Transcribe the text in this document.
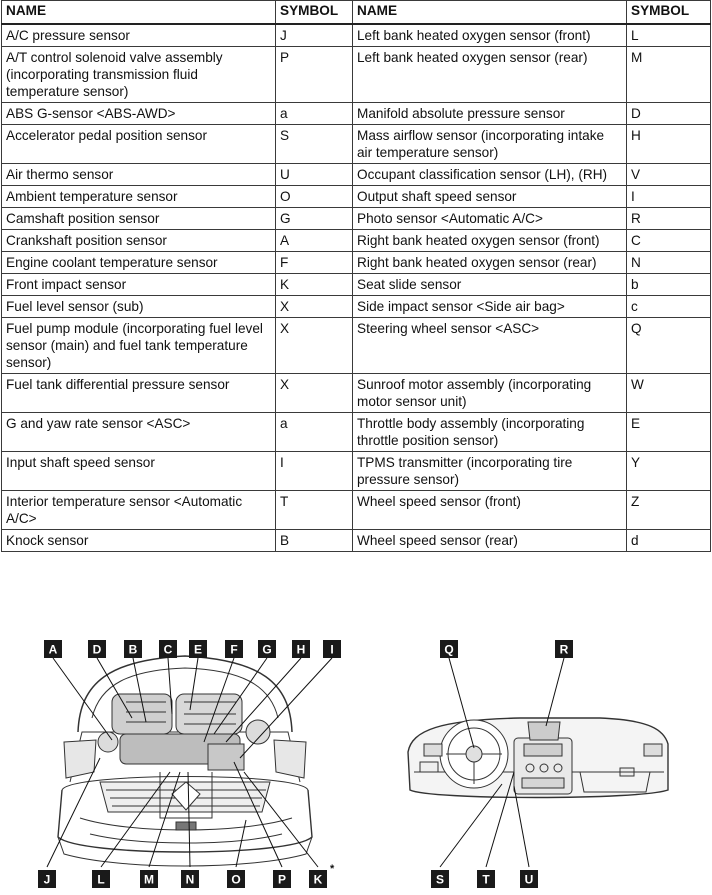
NAME	SYMBOL	NAME	SYMBOL
A/C pressure sensor	J	Left bank heated oxygen sensor (front)	L
A/T control solenoid valve assembly (incorporating transmission fluid temperature sensor)	P	Left bank heated oxygen sensor (rear)	M
ABS G-sensor <ABS-AWD>	a	Manifold absolute pressure sensor	D
Accelerator pedal position sensor	S	Mass airflow sensor (incorporating intake air temperature sensor)	H
Air thermo sensor	U	Occupant classification sensor (LH), (RH)	V
Ambient temperature sensor	O	Output shaft speed sensor	I
Camshaft position sensor	G	Photo sensor <Automatic A/C>	R
Crankshaft position sensor	A	Right bank heated oxygen sensor (front)	C
Engine coolant temperature sensor	F	Right bank heated oxygen sensor (rear)	N
Front impact sensor	K	Seat slide sensor	b
Fuel level sensor (sub)	X	Side impact sensor <Side air bag>	c
Fuel pump module (incorporating fuel level sensor (main) and fuel tank temperature sensor)	X	Steering wheel sensor <ASC>	Q
Fuel tank differential pressure sensor	X	Sunroof motor assembly (incorporating motor sensor unit)	W
G and yaw rate sensor <ASC>	a	Throttle body assembly (incorporating throttle position sensor)	E
Input shaft speed sensor	I	TPMS transmitter (incorporating tire pressure sensor)	Y
Interior temperature sensor <Automatic A/C>	T	Wheel speed sensor (front)	Z
Knock sensor	B	Wheel speed sensor (rear)	d
A	D B C E F G H I
J	L	M	N	O	P K
Q	R
S	T	U
*
